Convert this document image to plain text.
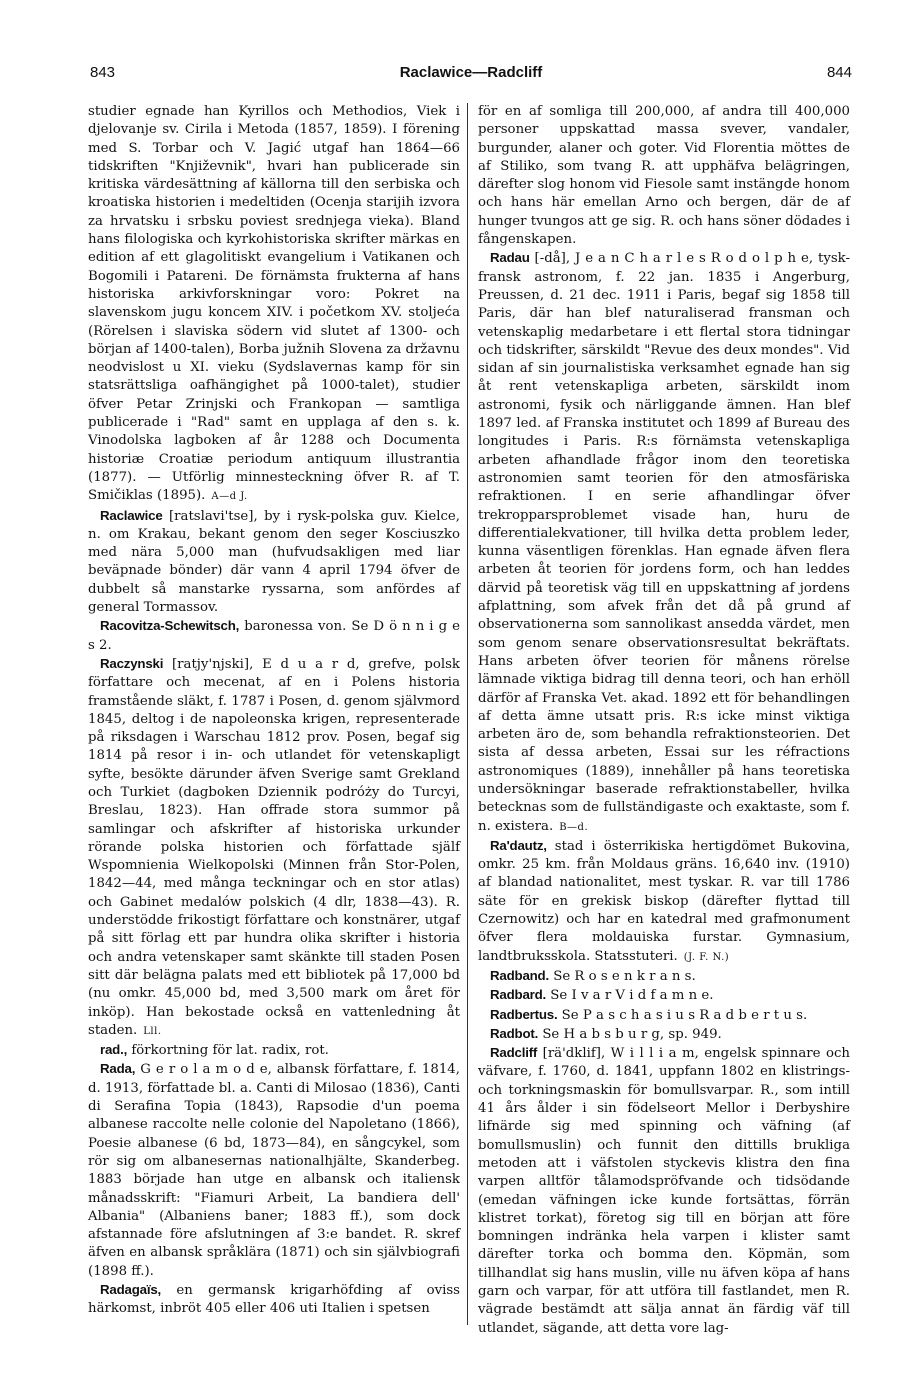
843	Raclawice—Radcliff	844

studier egnade han Kyrillos och Methodios, Viek i djelovanje sv. Cirila i Metoda (1857, 1859). I förening med S. Torbar och V. Jagić utgaf han 1864—66 tidskriften "Književnik", hvari han publicerade sin kritiska värdesättning af källorna till den serbiska och kroatiska historien i medeltiden (Ocenja starijih izvora za hrvatsku i srbsku poviest srednjega vieka). Bland hans filologiska och kyrkohistoriska skrifter märkas en edition af ett glagolitiskt evangelium i Vatikanen och Bogomili i Patareni. De förnämsta frukterna af hans historiska arkivforskningar voro: Pokret na slavenskom jugu koncem XIV. i početkom XV. stoljeća (Rörelsen i slaviska södern vid slutet af 1300- och början af 1400-talen), Borba južnih Slovena za državnu neodvislost u XI. vieku (Sydslavernas kamp för sin statsrättsliga oafhängighet på 1000-talet), studier öfver Petar Zrinjski och Frankopan — samtliga publicerade i "Rad" samt en upplaga af den s. k. Vinodolska lagboken af år 1288 och Documenta historiæ Croatiæ periodum antiquum illustrantia (1877). — Utförlig minnesteckning öfver R. af T. Smičiklas (1895). A—d J.

Raclawice [ratslavi'tse], by i rysk-polska guv. Kielce, n. om Krakau, bekant genom den seger Kosciuszko med nära 5,000 man (hufvudsakligen med liar beväpnade bönder) där vann 4 april 1794 öfver de dubbelt så manstarke ryssarna, som anfördes af general Tormassov.

Racovitza-Schewitsch, baronessa von. Se D ö n n i g e s 2.

Raczynski [ratjy'njski], E d u a r d, grefve, polsk författare och mecenat, af en i Polens historia framstående släkt, f. 1787 i Posen, d. genom självmord 1845, deltog i de napoleonska krigen, representerade på riksdagen i Warschau 1812 prov. Posen, begaf sig 1814 på resor i in- och utlandet för vetenskapligt syfte, besökte därunder äfven Sverige samt Grekland och Turkiet (dagboken Dziennik podróży do Turcyi, Breslau, 1823). Han offrade stora summor på samlingar och afskrifter af historiska urkunder rörande polska historien och författade själf Wspomnienia Wielkopolski (Minnen från Stor-Polen, 1842—44, med många teckningar och en stor atlas) och Gabinet medalów polskich (4 dlr, 1838—43). R. understödde frikostigt författare och konstnärer, utgaf på sitt förlag ett par hundra olika skrifter i historia och andra vetenskaper samt skänkte till staden Posen sitt där belägna palats med ett bibliotek på 17,000 bd (nu omkr. 45,000 bd, med 3,500 mark om året för inköp). Han bekostade också en vattenledning åt staden. Lll.

rad., förkortning för lat. radix, rot.

Rada, G e r o l a m o d e, albansk författare, f. 1814, d. 1913, författade bl. a. Canti di Milosao (1836), Canti di Serafina Topia (1843), Rapsodie d'un poema albanese raccolte nelle colonie del Napoletano (1866), Poesie albanese (6 bd, 1873—84), en sångcykel, som rör sig om albanesernas nationalhjälte, Skanderbeg. 1883 började han utge en albansk och italiensk månadsskrift: "Fiamuri Arbeit, La bandiera dell' Albania" (Albaniens baner; 1883 ff.), som dock afstannade före afslutningen af 3:e bandet. R. skref äfven en albansk språklära (1871) och sin självbiografi (1898 ff.).

Radagaïs, en germansk krigarhöfding af oviss härkomst, inbröt 405 eller 406 uti Italien i spetsen

för en af somliga till 200,000, af andra till 400,000 personer uppskattad massa svever, vandaler, burgunder, alaner och goter. Vid Florentia möttes de af Stiliko, som tvang R. att upphäfva belägringen, därefter slog honom vid Fiesole samt instängde honom och hans här emellan Arno och bergen, där de af hunger tvungos att ge sig. R. och hans söner dödades i fångenskapen.

Radau [-då], J e a n C h a r l e s R o d o l p h e, tysk-fransk astronom, f. 22 jan. 1835 i Angerburg, Preussen, d. 21 dec. 1911 i Paris, begaf sig 1858 till Paris, där han blef naturaliserad fransman och vetenskaplig medarbetare i ett flertal stora tidningar och tidskrifter, särskildt "Revue des deux mondes". Vid sidan af sin journalistiska verksamhet egnade han sig åt rent vetenskapliga arbeten, särskildt inom astronomi, fysik och närliggande ämnen. Han blef 1897 led. af Franska institutet och 1899 af Bureau des longitudes i Paris. R:s förnämsta vetenskapliga arbeten afhandlade frågor inom den teoretiska astronomien samt teorien för den atmosfäriska refraktionen. I en serie afhandlingar öfver trekropparsproblemet visade han, huru de differentialekvationer, till hvilka detta problem leder, kunna väsentligen förenklas. Han egnade äfven flera arbeten åt teorien för jordens form, och han leddes därvid på teoretisk väg till en uppskattning af jordens afplattning, som afvek från det då på grund af observationerna som sannolikast ansedda värdet, men som genom senare observationsresultat bekräftats. Hans arbeten öfver teorien för månens rörelse lämnade viktiga bidrag till denna teori, och han erhöll därför af Franska Vet. akad. 1892 ett för behandlingen af detta ämne utsatt pris. R:s icke minst viktiga arbeten äro de, som behandla refraktionsteorien. Det sista af dessa arbeten, Essai sur les réfractions astronomiques (1889), innehåller på hans teoretiska undersökningar baserade refraktionstabeller, hvilka betecknas som de fullständigaste och exaktaste, som f. n. existera. B—d.

Ra'dautz, stad i österrikiska hertigdömet Bukovina, omkr. 25 km. från Moldaus gräns. 16,640 inv. (1910) af blandad nationalitet, mest tyskar. R. var till 1786 säte för en grekisk biskop (därefter flyttad till Czernowitz) och har en katedral med grafmonument öfver flera moldauiska furstar. Gymnasium, landtbruksskola. Statsstuteri. (J. F. N.)

Radband. Se R o s e n k r a n s.

Radbard. Se I v a r V i d f a m n e.

Radbertus. Se P a s c h a s i u s R a d b e r t u s.

Radbot. Se H a b s b u r g, sp. 949.

Radcliff [rä'dklif], W i l l i a m, engelsk spinnare och väfvare, f. 1760, d. 1841, uppfann 1802 en klistrings- och torkningsmaskin för bomullsvarpar. R., som intill 41 års ålder i sin födelseort Mellor i Derbyshire lifnärde sig med spinning och väfning (af bomullsmuslin) och funnit den dittills brukliga metoden att i väfstolen styckevis klistra den fina varpen alltför tålamodspröfvande och tidsödande (emedan väfningen icke kunde fortsättas, förrän klistret torkat), företog sig till en början att före bomningen indränka hela varpen i klister samt därefter torka och bomma den. Köpmän, som tillhandlat sig hans muslin, ville nu äfven köpa af hans garn och varpar, för att utföra till fastlandet, men R. vägrade bestämdt att sälja annat än färdig väf till utlandet, sägande, att detta vore lag-
